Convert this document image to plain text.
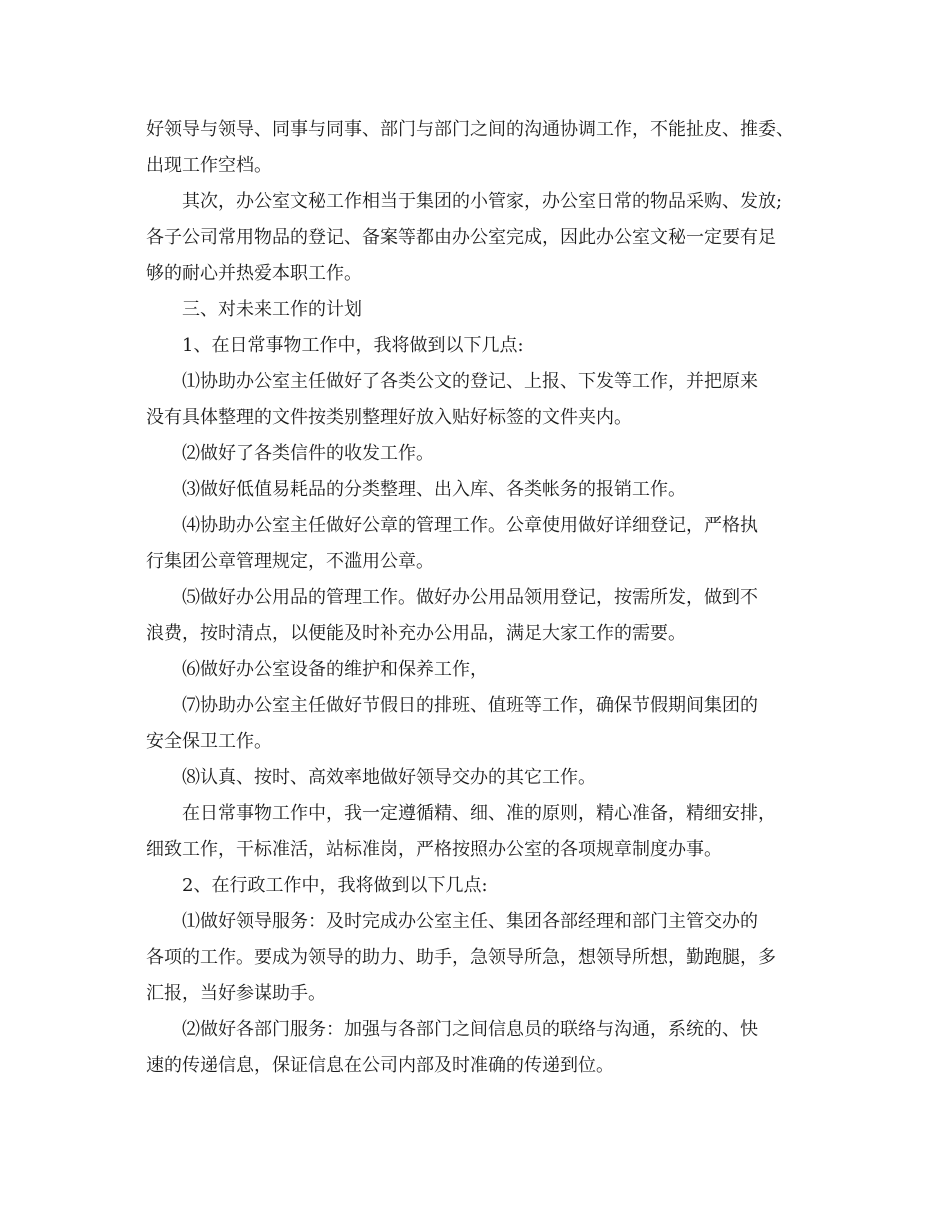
好领导与领导、同事与同事、部门与部门之间的沟通协调工作，不能扯皮、推委、
出现工作空档。

其次，办公室文秘工作相当于集团的小管家，办公室日常的物品采购、发放;
各子公司常用物品的登记、备案等都由办公室完成，因此办公室文秘一定要有足
够的耐心并热爱本职工作。

三、对未来工作的计划

1、在日常事物工作中，我将做到以下几点:

⑴协助办公室主任做好了各类公文的登记、上报、下发等工作，并把原来
没有具体整理的文件按类别整理好放入贴好标签的文件夹内。

⑵做好了各类信件的收发工作。

⑶做好低值易耗品的分类整理、出入库、各类帐务的报销工作。

⑷协助办公室主任做好公章的管理工作。公章使用做好详细登记，严格执
行集团公章管理规定，不滥用公章。

⑸做好办公用品的管理工作。做好办公用品领用登记，按需所发，做到不
浪费，按时清点，以便能及时补充办公用品，满足大家工作的需要。

⑹做好办公室设备的维护和保养工作，

⑺协助办公室主任做好节假日的排班、值班等工作，确保节假期间集团的
安全保卫工作。

⑻认真、按时、高效率地做好领导交办的其它工作。

在日常事物工作中，我一定遵循精、细、准的原则，精心准备，精细安排，
细致工作，干标准活，站标准岗，严格按照办公室的各项规章制度办事。

2、在行政工作中，我将做到以下几点:

⑴做好领导服务：及时完成办公室主任、集团各部经理和部门主管交办的
各项的工作。要成为领导的助力、助手，急领导所急，想领导所想，勤跑腿，多
汇报，当好参谋助手。

⑵做好各部门服务：加强与各部门之间信息员的联络与沟通，系统的、快
速的传递信息，保证信息在公司内部及时准确的传递到位。
